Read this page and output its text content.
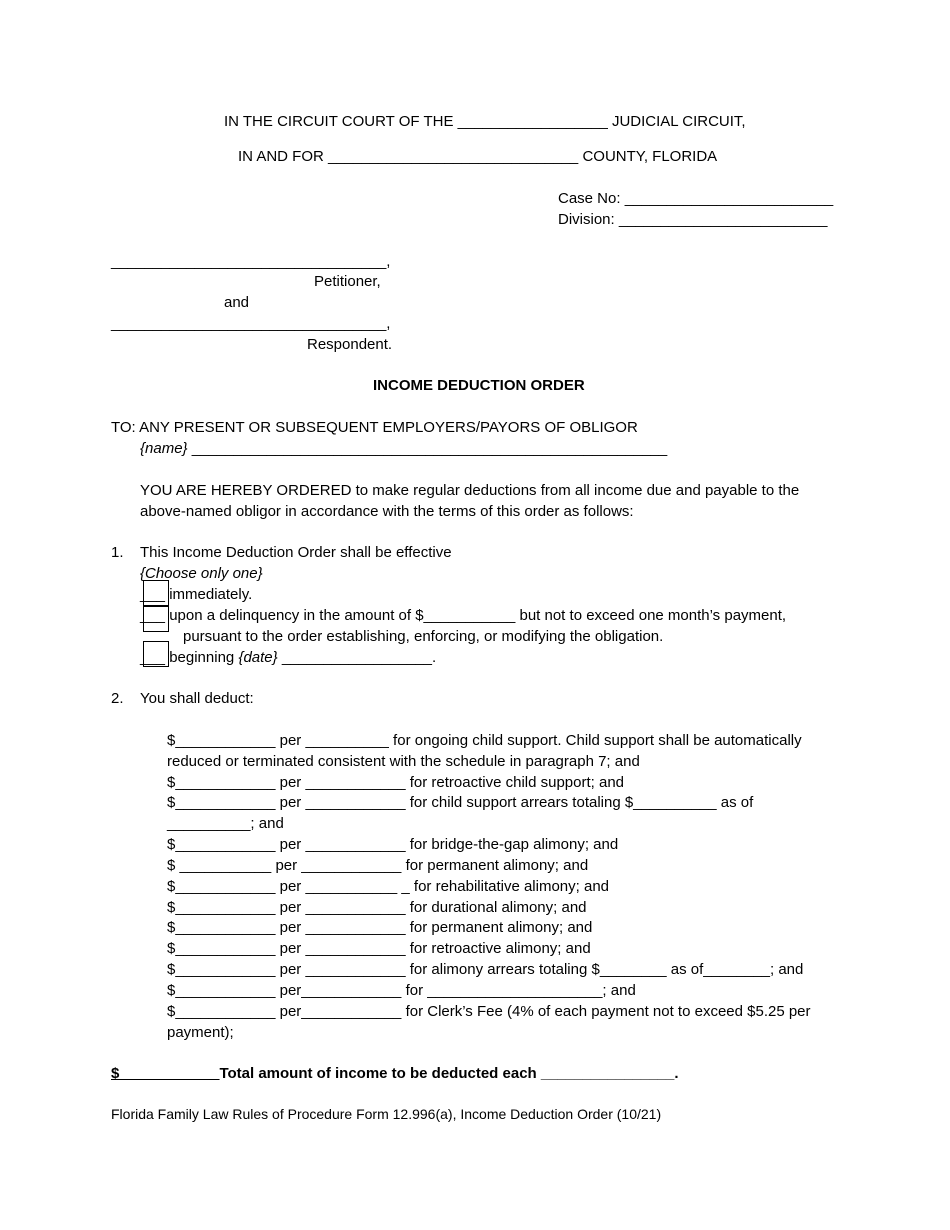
IN THE CIRCUIT COURT OF THE __________________ JUDICIAL CIRCUIT,
IN AND FOR ______________________________ COUNTY, FLORIDA
Case No: _________________________
Division: _________________________
_________________________________,
Petitioner,
and
_________________________________,
Respondent.
INCOME DEDUCTION ORDER
TO: ANY PRESENT OR SUBSEQUENT EMPLOYERS/PAYORS OF OBLIGOR
{name} _________________________________________________________
YOU ARE HEREBY ORDERED to make regular deductions from all income due and payable to the
above-named obligor in accordance with the terms of this order as follows:
1. This Income Deduction Order shall be effective
{Choose only one}
___ immediately.
___ upon a delinquency in the amount of $___________ but not to exceed one month’s payment,
pursuant to the order establishing, enforcing, or modifying the obligation.
___ beginning {date} __________________.
2. You shall deduct:
$____________ per __________ for ongoing child support. Child support shall be automatically
reduced or terminated consistent with the schedule in paragraph 7; and
$____________ per ____________ for retroactive child support; and
$____________ per ____________ for child support arrears totaling $__________ as of
__________; and
$____________ per ____________ for bridge-the-gap alimony; and
$ ___________ per ____________ for permanent alimony; and
$____________ per ___________ _ for rehabilitative alimony; and
$____________ per ____________ for durational alimony; and
$____________ per ____________ for permanent alimony; and
$____________ per ____________ for retroactive alimony; and
$____________ per ____________ for alimony arrears totaling $________ as of________; and
$____________ per____________ for _____________________; and
$____________ per____________ for Clerk’s Fee (4% of each payment not to exceed $5.25 per
payment);
$____________Total amount of income to be deducted each ________________.
Florida Family Law Rules of Procedure Form 12.996(a), Income Deduction Order (10/21)
